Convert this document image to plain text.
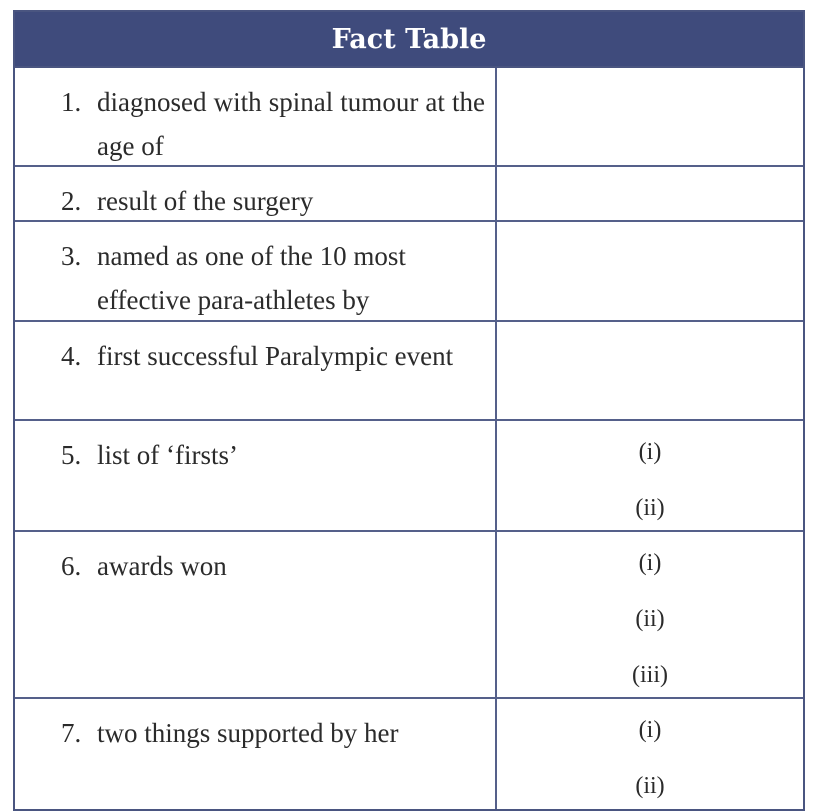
Fact Table
1. diagnosed with spinal tumour at the age of
2. result of the surgery
3. named as one of the 10 most effective para-athletes by
4. first successful Paralympic event
5. list of ‘firsts’	(i)
(ii)
6. awards won	(i)
(ii)
(iii)
7. two things supported by her	(i)
(ii)
